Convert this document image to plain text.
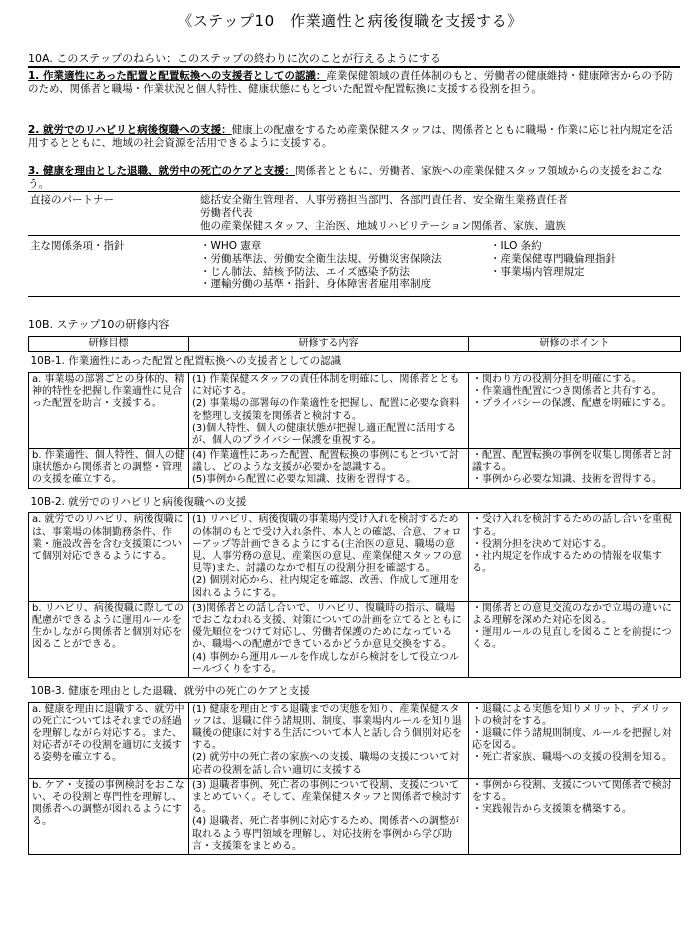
《ステップ10　作業適性と病後復職を支援する》
10A. このステップのねらい：このステップの終わりに次のことが行えるようにする
1. 作業適性にあった配置と配置転換への支援者としての認識：産業保健領域の責任体制のもと、労働者の健康維持・健康障害からの予防のため、関係者と職場・作業状況と個人特性、健康状態にもとづいた配置や配置転換に支援する役割を担う。
2. 就労でのリハビリと病後復職への支援：健康上の配慮をするため産業保健スタッフは、関係者とともに職場・作業に応じ社内規定を活用するとともに、地域の社会資源を活用できるように支援する。
3. 健康を理由とした退職、就労中の死亡のケアと支援：関係者とともに、労働者、家族への産業保健スタッフ領域からの支援をおこなう。
直接のパートナー	総括安全衛生管理者、人事労務担当部門、各部門責任者、安全衛生業務責任者
労働者代表
他の産業保健スタッフ、主治医、地域リハビリテーション関係者、家族、遺族
主な関係条項・指針	・WHO 憲章
・労働基準法、労働安全衛生法規、労働災害保険法
・じん肺法、結核予防法、エイズ感染予防法
・運輸労働の基準・指針、身体障害者雇用率制度
・ILO 条約
・産業保健専門職倫理指針
・事業場内管理規定
10B. ステップ10の研修内容
研修目標	研修する内容	研修のポイント
10B-1. 作業適性にあった配置と配置転換への支援者としての認識		
a. 事業場の部署ごとの身体的、精神的特性を把握し作業適性に見合った配置を助言・支援する。	(1) 作業保健スタッフの責任体制を明確にし、関係者とともに対応する。
(2) 事業場の部署毎の作業適性を把握し、配置に必要な資料を整理し支援策を関係者と検討する。
(3)個人特性、個人の健康状態が把握し適正配置に活用するが、個人のプライバシー保護を重視する。	・関わり方の役割分担を明確にする。
・作業適性配置につき関係者と共有する。
・プライバシーの保護、配慮を明確にする。
b. 作業適性、個人特性、個人の健康状態から関係者との調整・管理の支援を確立する。	(4) 作業適性にあった配置、配置転換の事例にもとづいて討議し、どのような支援が必要かを認識する。
(5)事例から配置に必要な知識、技術を習得する。	・配置、配置転換の事例を収集し関係者と討議する。
・事例から必要な知識、技術を習得する。

10B-2. 就労でのリハビリと病後復職への支援		
a. 就労でのリハビリ、病後復職には、事業場の体制勤務条件、作業・施設改善を含む支援策について個別対応できるようにする。	(1) リハビリ、病後復職の事業場内受け入れを検討するための体制のもとで受け入れ条件、本人との確認、合意、フォローアップ等計画できるようにする(主治医の意見、職場の意見、人事労務の意見、産業医の意見、産業保健スタッフの意見等)また、討議のなかで相互の役割分担を確認する。
(2) 個別対応から、社内規定を確認、改善、作成して運用を図れるようにする。	・受け入れを検討するための話し合いを重視する。
・役割分担を決めて対応する。
・社内規定を作成するための情報を収集する。
b. リハビリ、病後復職に際しての配慮ができるように運用ルールを生かしながら関係者と個別対応を図ることができる。	(3)関係者との話し合いで、リハビリ、復職時の指示、職場でおこなわれる支援、対策についての計画を立てるとともに優先順位をつけて対応し、労働者保護のためになっているか、職場への配慮ができているかどうか意見交換をする。
(4) 事例から運用ルールを作成しながら検討をして役立つルールづくりをする。	・関係者との意見交流のなかで立場の違いによる理解を深めた対応を図る。
・運用ルールの見直しを図ることを前提につくる。

10B-3. 健康を理由とした退職、就労中の死亡のケアと支援		
a. 健康を理由に退職する、就労中の死亡についてはそれまでの経過を理解しながら対応する。また、対応者がその役割を適切に支援する姿勢を確立する。	(1) 健康を理由とする退職までの実態を知り、産業保健スタッフは、退職に伴う諸規則、制度、事業場内ルールを知り退職後の健康に対する生活について本人と話し合う個別対応をする。
(2) 就労中の死亡者の家族への支援、職場の支援について対応者の役割を話し合い適切に支援する	・退職による実態を知りメリット、デメリットの検討をする。
・退職に伴う諸規則制度、ルールを把握し対応を図る。
・死亡者家族、職場への支援の役割を知る。
b. ケア・支援の事例検討をおこない、その役割と専門性を理解し、関係者への調整が図れるようにする。	(3) 退職者事例、死亡者の事例について役割、支援についてまとめていく。そして、産業保健スタッフと関係者で検討する。
(4) 退職者、死亡者事例に対応するため、関係者への調整が取れるよう専門領域を理解し、対応技術を事例から学び助言・支援策をまとめる。	・事例から役割、支援について関係者で検討をする。
・実践報告から支援策を構築する。
